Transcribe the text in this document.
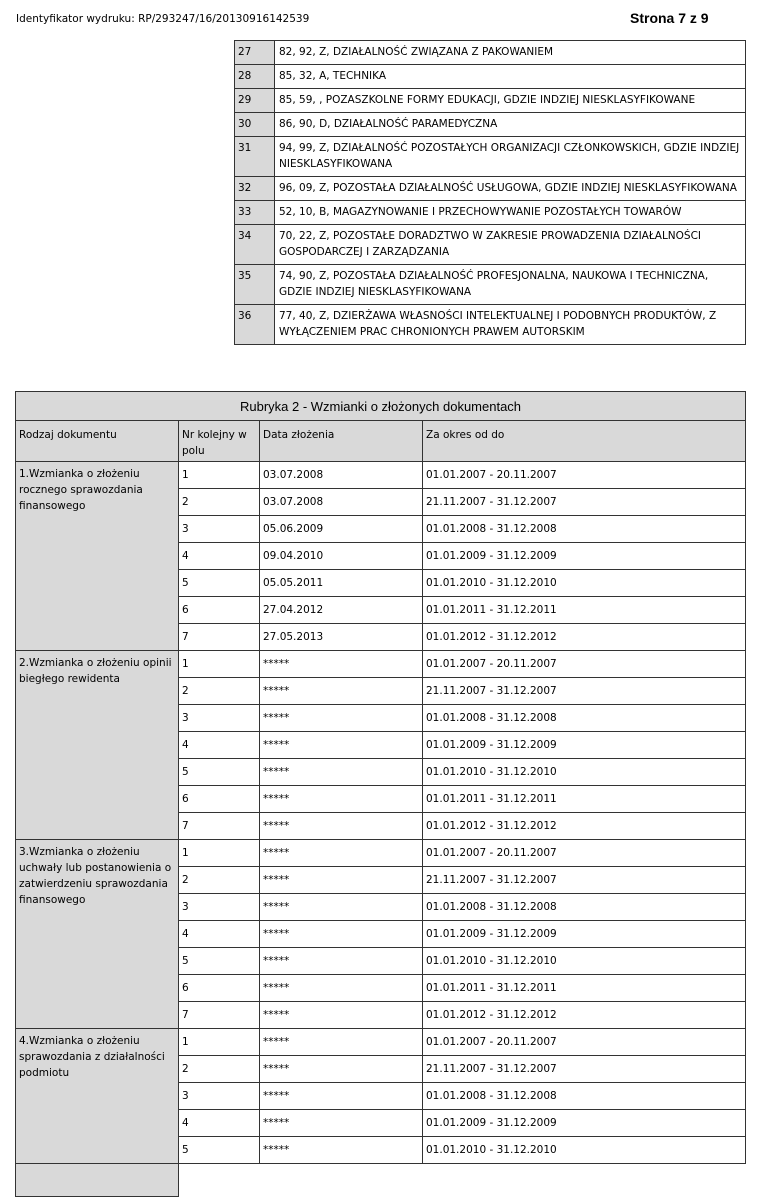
Identyfikator wydruku: RP/293247/16/20130916142539	Strona 7 z 9
27	82, 92, Z, DZIAŁALNOŚĆ ZWIĄZANA Z PAKOWANIEM
28	85, 32, A, TECHNIKA
29	85, 59, , POZASZKOLNE FORMY EDUKACJI, GDZIE INDZIEJ NIESKLASYFIKOWANE
30	86, 90, D, DZIAŁALNOŚĆ PARAMEDYCZNA
31	94, 99, Z, DZIAŁALNOŚĆ POZOSTAŁYCH ORGANIZACJI CZŁONKOWSKICH, GDZIE INDZIEJ NIESKLASYFIKOWANA
32	96, 09, Z, POZOSTAŁA DZIAŁALNOŚĆ USŁUGOWA, GDZIE INDZIEJ NIESKLASYFIKOWANA
33	52, 10, B, MAGAZYNOWANIE I PRZECHOWYWANIE POZOSTAŁYCH TOWARÓW
34	70, 22, Z, POZOSTAŁE DORADZTWO W ZAKRESIE PROWADZENIA DZIAŁALNOŚCI GOSPODARCZEJ I ZARZĄDZANIA
35	74, 90, Z, POZOSTAŁA DZIAŁALNOŚĆ PROFESJONALNA, NAUKOWA I TECHNICZNA, GDZIE INDZIEJ NIESKLASYFIKOWANA
36	77, 40, Z, DZIERŻAWA WŁASNOŚCI INTELEKTUALNEJ I PODOBNYCH PRODUKTÓW, Z WYŁĄCZENIEM PRAC CHRONIONYCH PRAWEM AUTORSKIM
Rubryka 2 - Wzmianki o złożonych dokumentach			
Rodzaj dokumentu	Nr kolejny w polu	Data złożenia	Za okres od do
1.Wzmianka o złożeniu rocznego sprawozdania finansowego	1	03.07.2008	01.01.2007 - 20.11.2007
	2	03.07.2008	21.11.2007 - 31.12.2007
	3	05.06.2009	01.01.2008 - 31.12.2008
	4	09.04.2010	01.01.2009 - 31.12.2009
	5	05.05.2011	01.01.2010 - 31.12.2010
	6	27.04.2012	01.01.2011 - 31.12.2011
	7	27.05.2013	01.01.2012 - 31.12.2012
2.Wzmianka o złożeniu opinii biegłego rewidenta	1	*****	01.01.2007 - 20.11.2007
	2	*****	21.11.2007 - 31.12.2007
	3	*****	01.01.2008 - 31.12.2008
	4	*****	01.01.2009 - 31.12.2009
	5	*****	01.01.2010 - 31.12.2010
	6	*****	01.01.2011 - 31.12.2011
	7	*****	01.01.2012 - 31.12.2012
3.Wzmianka o złożeniu uchwały lub postanowienia o zatwierdzeniu sprawozdania finansowego	1	*****	01.01.2007 - 20.11.2007
	2	*****	21.11.2007 - 31.12.2007
	3	*****	01.01.2008 - 31.12.2008
	4	*****	01.01.2009 - 31.12.2009
	5	*****	01.01.2010 - 31.12.2010
	6	*****	01.01.2011 - 31.12.2011
	7	*****	01.01.2012 - 31.12.2012
4.Wzmianka o złożeniu sprawozdania z działalności podmiotu	1	*****	01.01.2007 - 20.11.2007
	2	*****	21.11.2007 - 31.12.2007
	3	*****	01.01.2008 - 31.12.2008
	4	*****	01.01.2009 - 31.12.2009
	5	*****	01.01.2010 - 31.12.2010
